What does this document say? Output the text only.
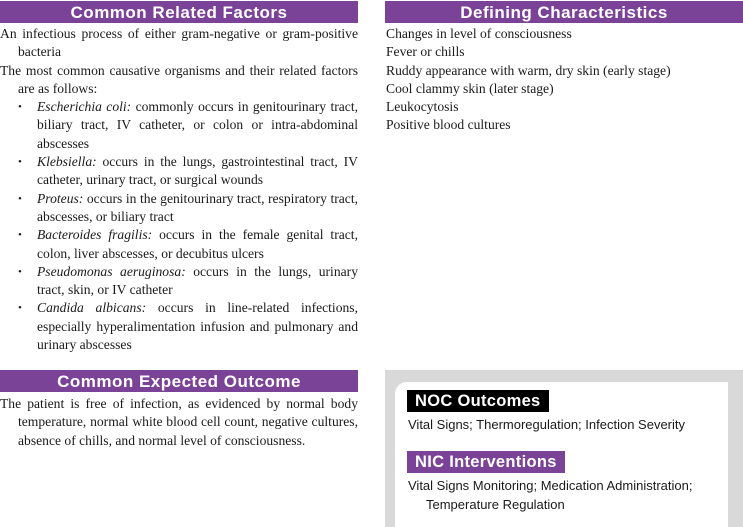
Common Related Factors
An infectious process of either gram-negative or gram-positive bacteria
The most common causative organisms and their related factors are as follows:
• Escherichia coli: commonly occurs in genitourinary tract, biliary tract, IV catheter, or colon or intra-abdominal abscesses
• Klebsiella: occurs in the lungs, gastrointestinal tract, IV catheter, urinary tract, or surgical wounds
• Proteus: occurs in the genitourinary tract, respiratory tract, abscesses, or biliary tract
• Bacteroides fragilis: occurs in the female genital tract, colon, liver abscesses, or decubitus ulcers
• Pseudomonas aeruginosa: occurs in the lungs, urinary tract, skin, or IV catheter
• Candida albicans: occurs in line-related infections, especially hyperalimentation infusion and pulmonary and urinary abscesses
Defining Characteristics
Changes in level of consciousness
Fever or chills
Ruddy appearance with warm, dry skin (early stage)
Cool clammy skin (later stage)
Leukocytosis
Positive blood cultures
Common Expected Outcome
The patient is free of infection, as evidenced by normal body temperature, normal white blood cell count, negative cultures, absence of chills, and normal level of consciousness.
NOC Outcomes
Vital Signs; Thermoregulation; Infection Severity
NIC Interventions
Vital Signs Monitoring; Medication Administration; Temperature Regulation
